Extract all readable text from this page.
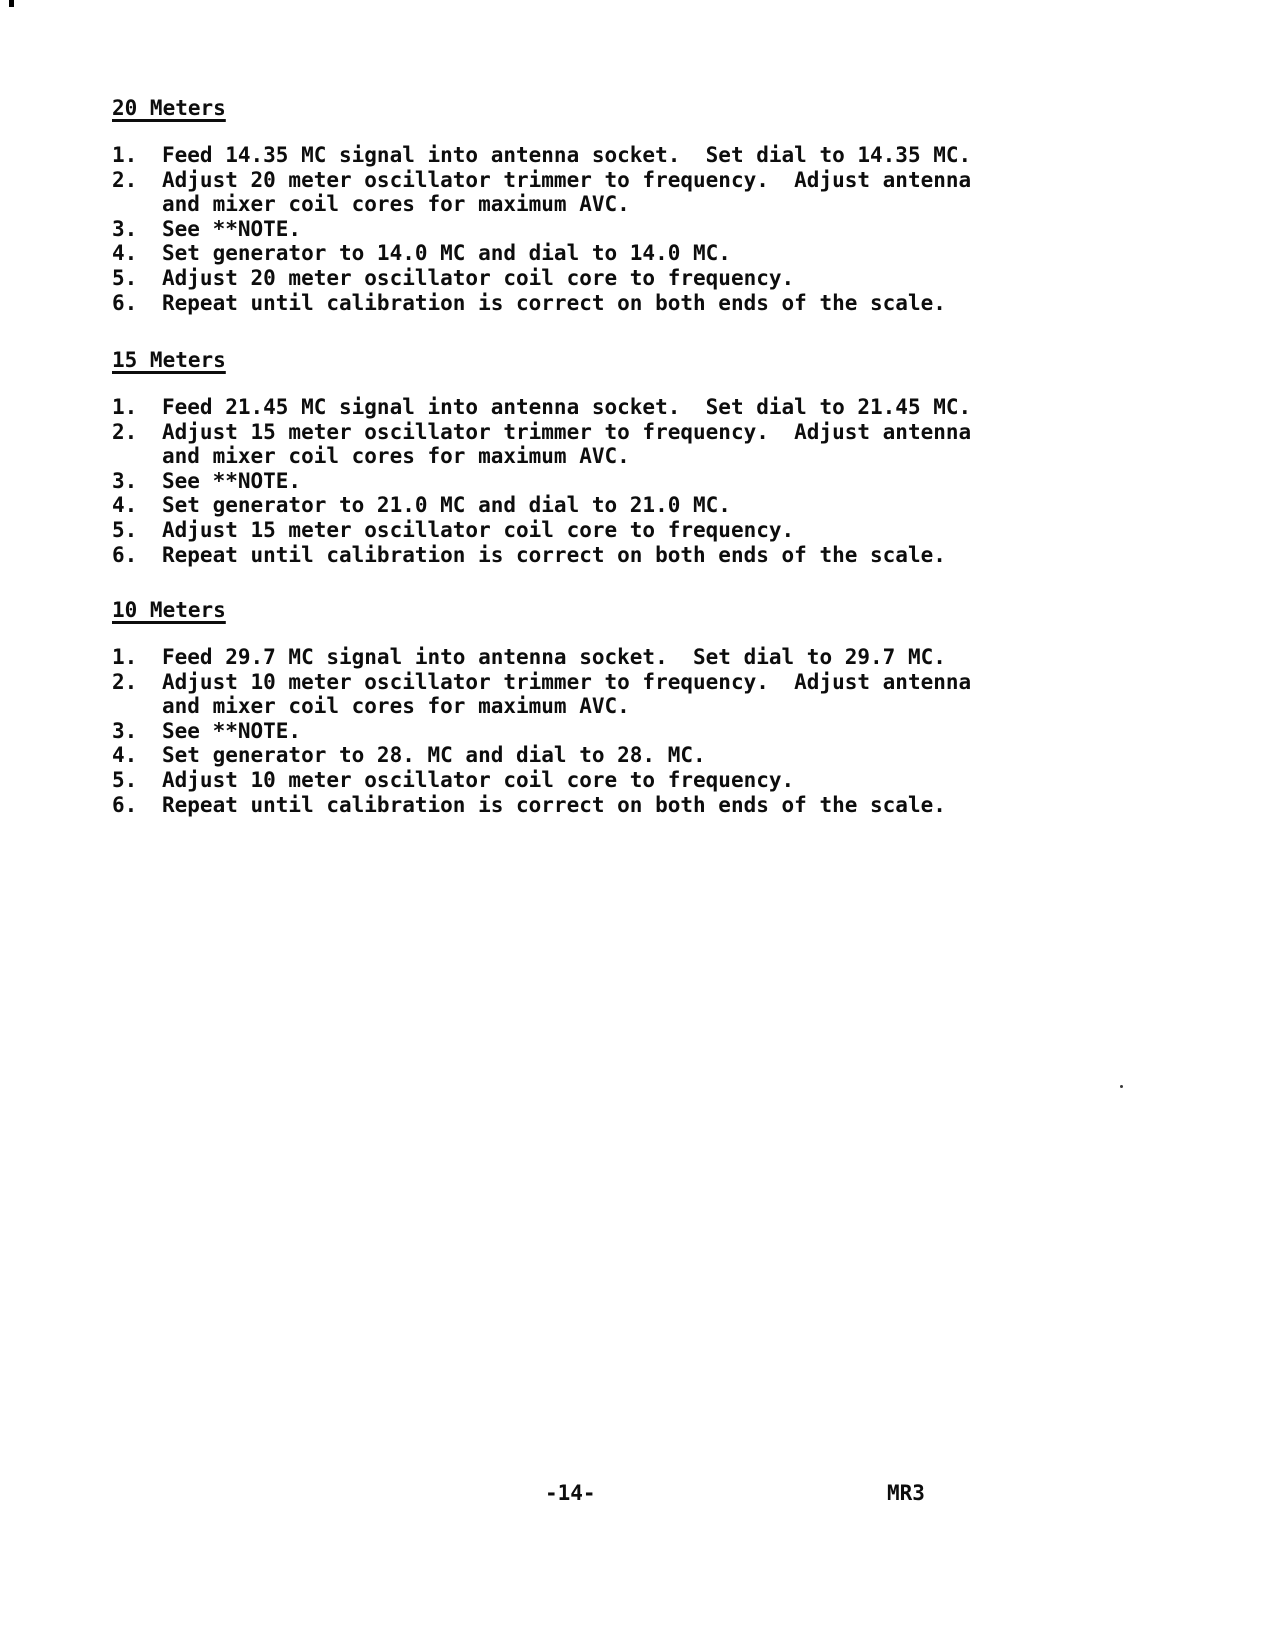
20 Meters
1.	Feed 14.35 MC signal into antenna socket.  Set dial to 14.35 MC.
2.	Adjust 20 meter oscillator trimmer to frequency.  Adjust antenna
and mixer coil cores for maximum AVC.
3.	See **NOTE.
4.	Set generator to 14.0 MC and dial to 14.0 MC.
5.	Adjust 20 meter oscillator coil core to frequency.
6.	Repeat until calibration is correct on both ends of the scale.
15 Meters
1.	Feed 21.45 MC signal into antenna socket.  Set dial to 21.45 MC.
2.	Adjust 15 meter oscillator trimmer to frequency.  Adjust antenna
and mixer coil cores for maximum AVC.
3.	See **NOTE.
4.	Set generator to 21.0 MC and dial to 21.0 MC.
5.	Adjust 15 meter oscillator coil core to frequency.
6.	Repeat until calibration is correct on both ends of the scale.
10 Meters
1.	Feed 29.7 MC signal into antenna socket.  Set dial to 29.7 MC.
2.	Adjust 10 meter oscillator trimmer to frequency.  Adjust antenna
and mixer coil cores for maximum AVC.
3.	See **NOTE.
4.	Set generator to 28. MC and dial to 28. MC.
5.	Adjust 10 meter oscillator coil core to frequency.
6.	Repeat until calibration is correct on both ends of the scale.
-14-	MR3
